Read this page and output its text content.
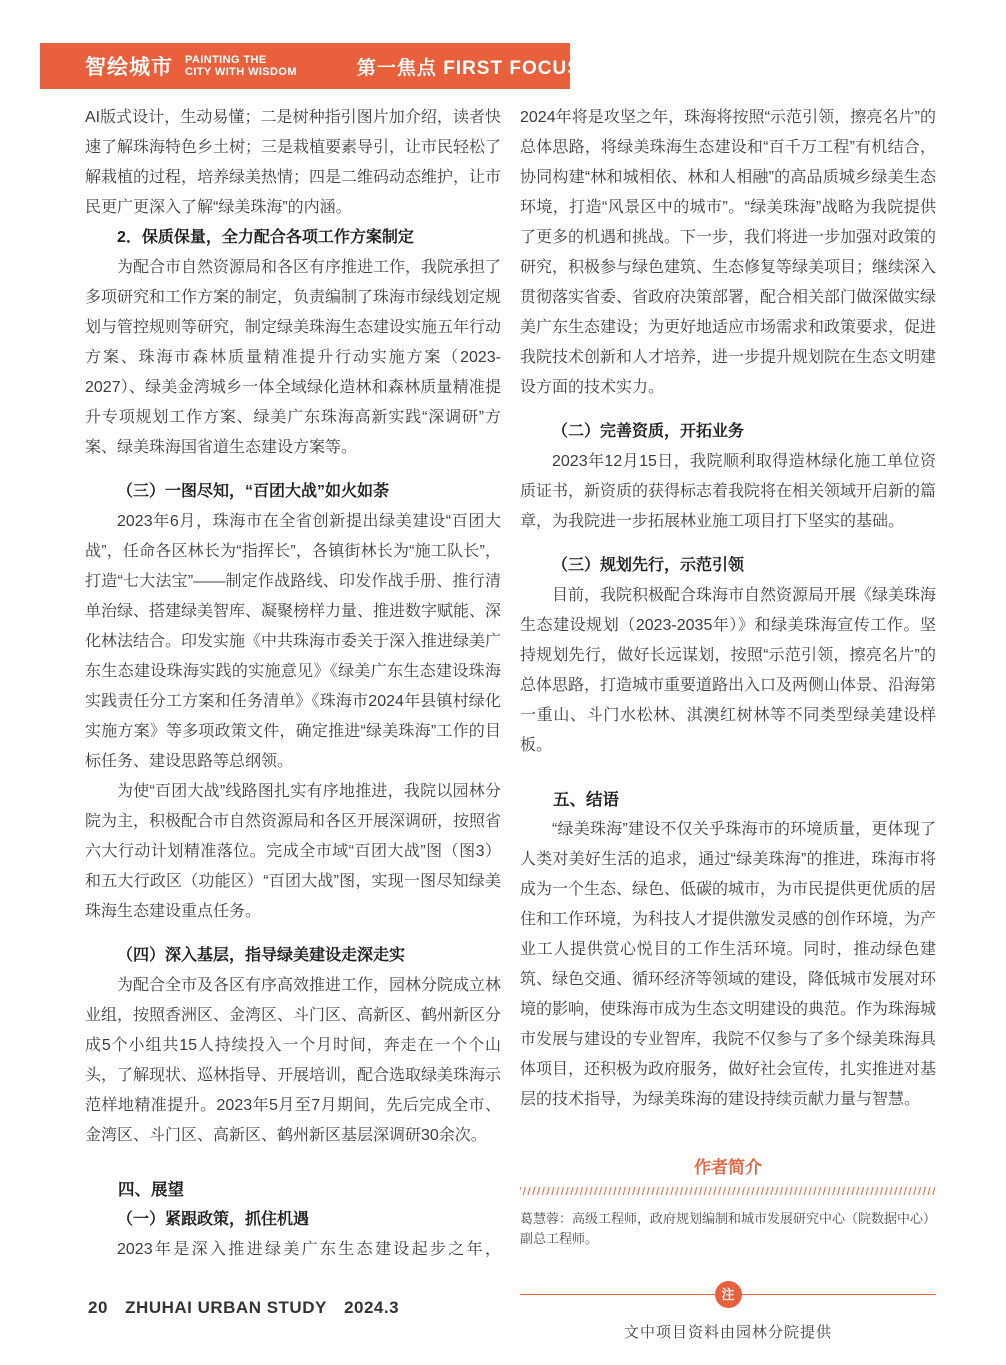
智绘城市 PAINTING THE
CITY WITH WISDOM	第一焦点 FIRST FOCUS

AI版式设计，生动易懂；二是树种指引图片加介绍，读者快速了解珠海特色乡土树；三是栽植要素导引，让市民轻松了解栽植的过程，培养绿美热情；四是二维码动态维护，让市民更广更深入了解“绿美珠海”的内涵。

2．保质保量，全力配合各项工作方案制定

为配合市自然资源局和各区有序推进工作，我院承担了多项研究和工作方案的制定，负责编制了珠海市绿线划定规划与管控规则等研究，制定绿美珠海生态建设实施五年行动方案、珠海市森林质量精准提升行动实施方案（2023-2027）、绿美金湾城乡一体全域绿化造林和森林质量精准提升专项规划工作方案、绿美广东珠海高新实践“深调研”方案、绿美珠海国省道生态建设方案等。

（三）一图尽知，“百团大战”如火如荼

2023年6月，珠海市在全省创新提出绿美建设“百团大战”，任命各区林长为“指挥长”，各镇街林长为“施工队长”，打造“七大法宝”——制定作战路线、印发作战手册、推行清单治绿、搭建绿美智库、凝聚榜样力量、推进数字赋能、深化林法结合。印发实施《中共珠海市委关于深入推进绿美广东生态建设珠海实践的实施意见》《绿美广东生态建设珠海实践责任分工方案和任务清单》《珠海市2024年县镇村绿化实施方案》等多项政策文件，确定推进“绿美珠海”工作的目标任务、建设思路等总纲领。

为使“百团大战”线路图扎实有序地推进，我院以园林分院为主，积极配合市自然资源局和各区开展深调研，按照省六大行动计划精准落位。完成全市域“百团大战”图（图3）和五大行政区（功能区）“百团大战”图，实现一图尽知绿美珠海生态建设重点任务。

（四）深入基层，指导绿美建设走深走实

为配合全市及各区有序高效推进工作，园林分院成立林业组，按照香洲区、金湾区、斗门区、高新区、鹤州新区分成5个小组共15人持续投入一个月时间，奔走在一个个山头，了解现状、巡林指导、开展培训，配合选取绿美珠海示范样地精准提升。2023年5月至7月期间，先后完成全市、金湾区、斗门区、高新区、鹤州新区基层深调研30余次。

四、展望

（一）紧跟政策，抓住机遇

2023年是深入推进绿美广东生态建设起步之年，

2024年将是攻坚之年，珠海将按照“示范引领，擦亮名片”的总体思路，将绿美珠海生态建设和“百千万工程”有机结合，协同构建“林和城相依、林和人相融”的高品质城乡绿美生态环境，打造“风景区中的城市”。“绿美珠海”战略为我院提供了更多的机遇和挑战。下一步，我们将进一步加强对政策的研究，积极参与绿色建筑、生态修复等绿美项目；继续深入贯彻落实省委、省政府决策部署，配合相关部门做深做实绿美广东生态建设；为更好地适应市场需求和政策要求，促进我院技术创新和人才培养，进一步提升规划院在生态文明建设方面的技术实力。

（二）完善资质，开拓业务

2023年12月15日，我院顺利取得造林绿化施工单位资质证书，新资质的获得标志着我院将在相关领域开启新的篇章，为我院进一步拓展林业施工项目打下坚实的基础。

（三）规划先行，示范引领

目前，我院积极配合珠海市自然资源局开展《绿美珠海生态建设规划（2023-2035年）》和绿美珠海宣传工作。坚持规划先行，做好长远谋划，按照“示范引领，擦亮名片”的总体思路，打造城市重要道路出入口及两侧山体景、沿海第一重山、斗门水松林、淇澳红树林等不同类型绿美建设样板。

五、结语

“绿美珠海”建设不仅关乎珠海市的环境质量，更体现了人类对美好生活的追求，通过“绿美珠海”的推进，珠海市将成为一个生态、绿色、低碳的城市，为市民提供更优质的居住和工作环境，为科技人才提供激发灵感的创作环境，为产业工人提供赏心悦目的工作生活环境。同时，推动绿色建筑、绿色交通、循环经济等领域的建设，降低城市发展对环境的影响，使珠海市成为生态文明建设的典范。作为珠海城市发展与建设的专业智库，我院不仅参与了多个绿美珠海具体项目，还积极为政府服务，做好社会宣传，扎实推进对基层的技术指导，为绿美珠海的建设持续贡献力量与智慧。

作者简介
葛慧蓉：高级工程师，政府规划编制和城市发展研究中心（院数据中心）副总工程师。
注
文中项目资料由园林分院提供
20 ZHUHAI URBAN STUDY 2024.3
